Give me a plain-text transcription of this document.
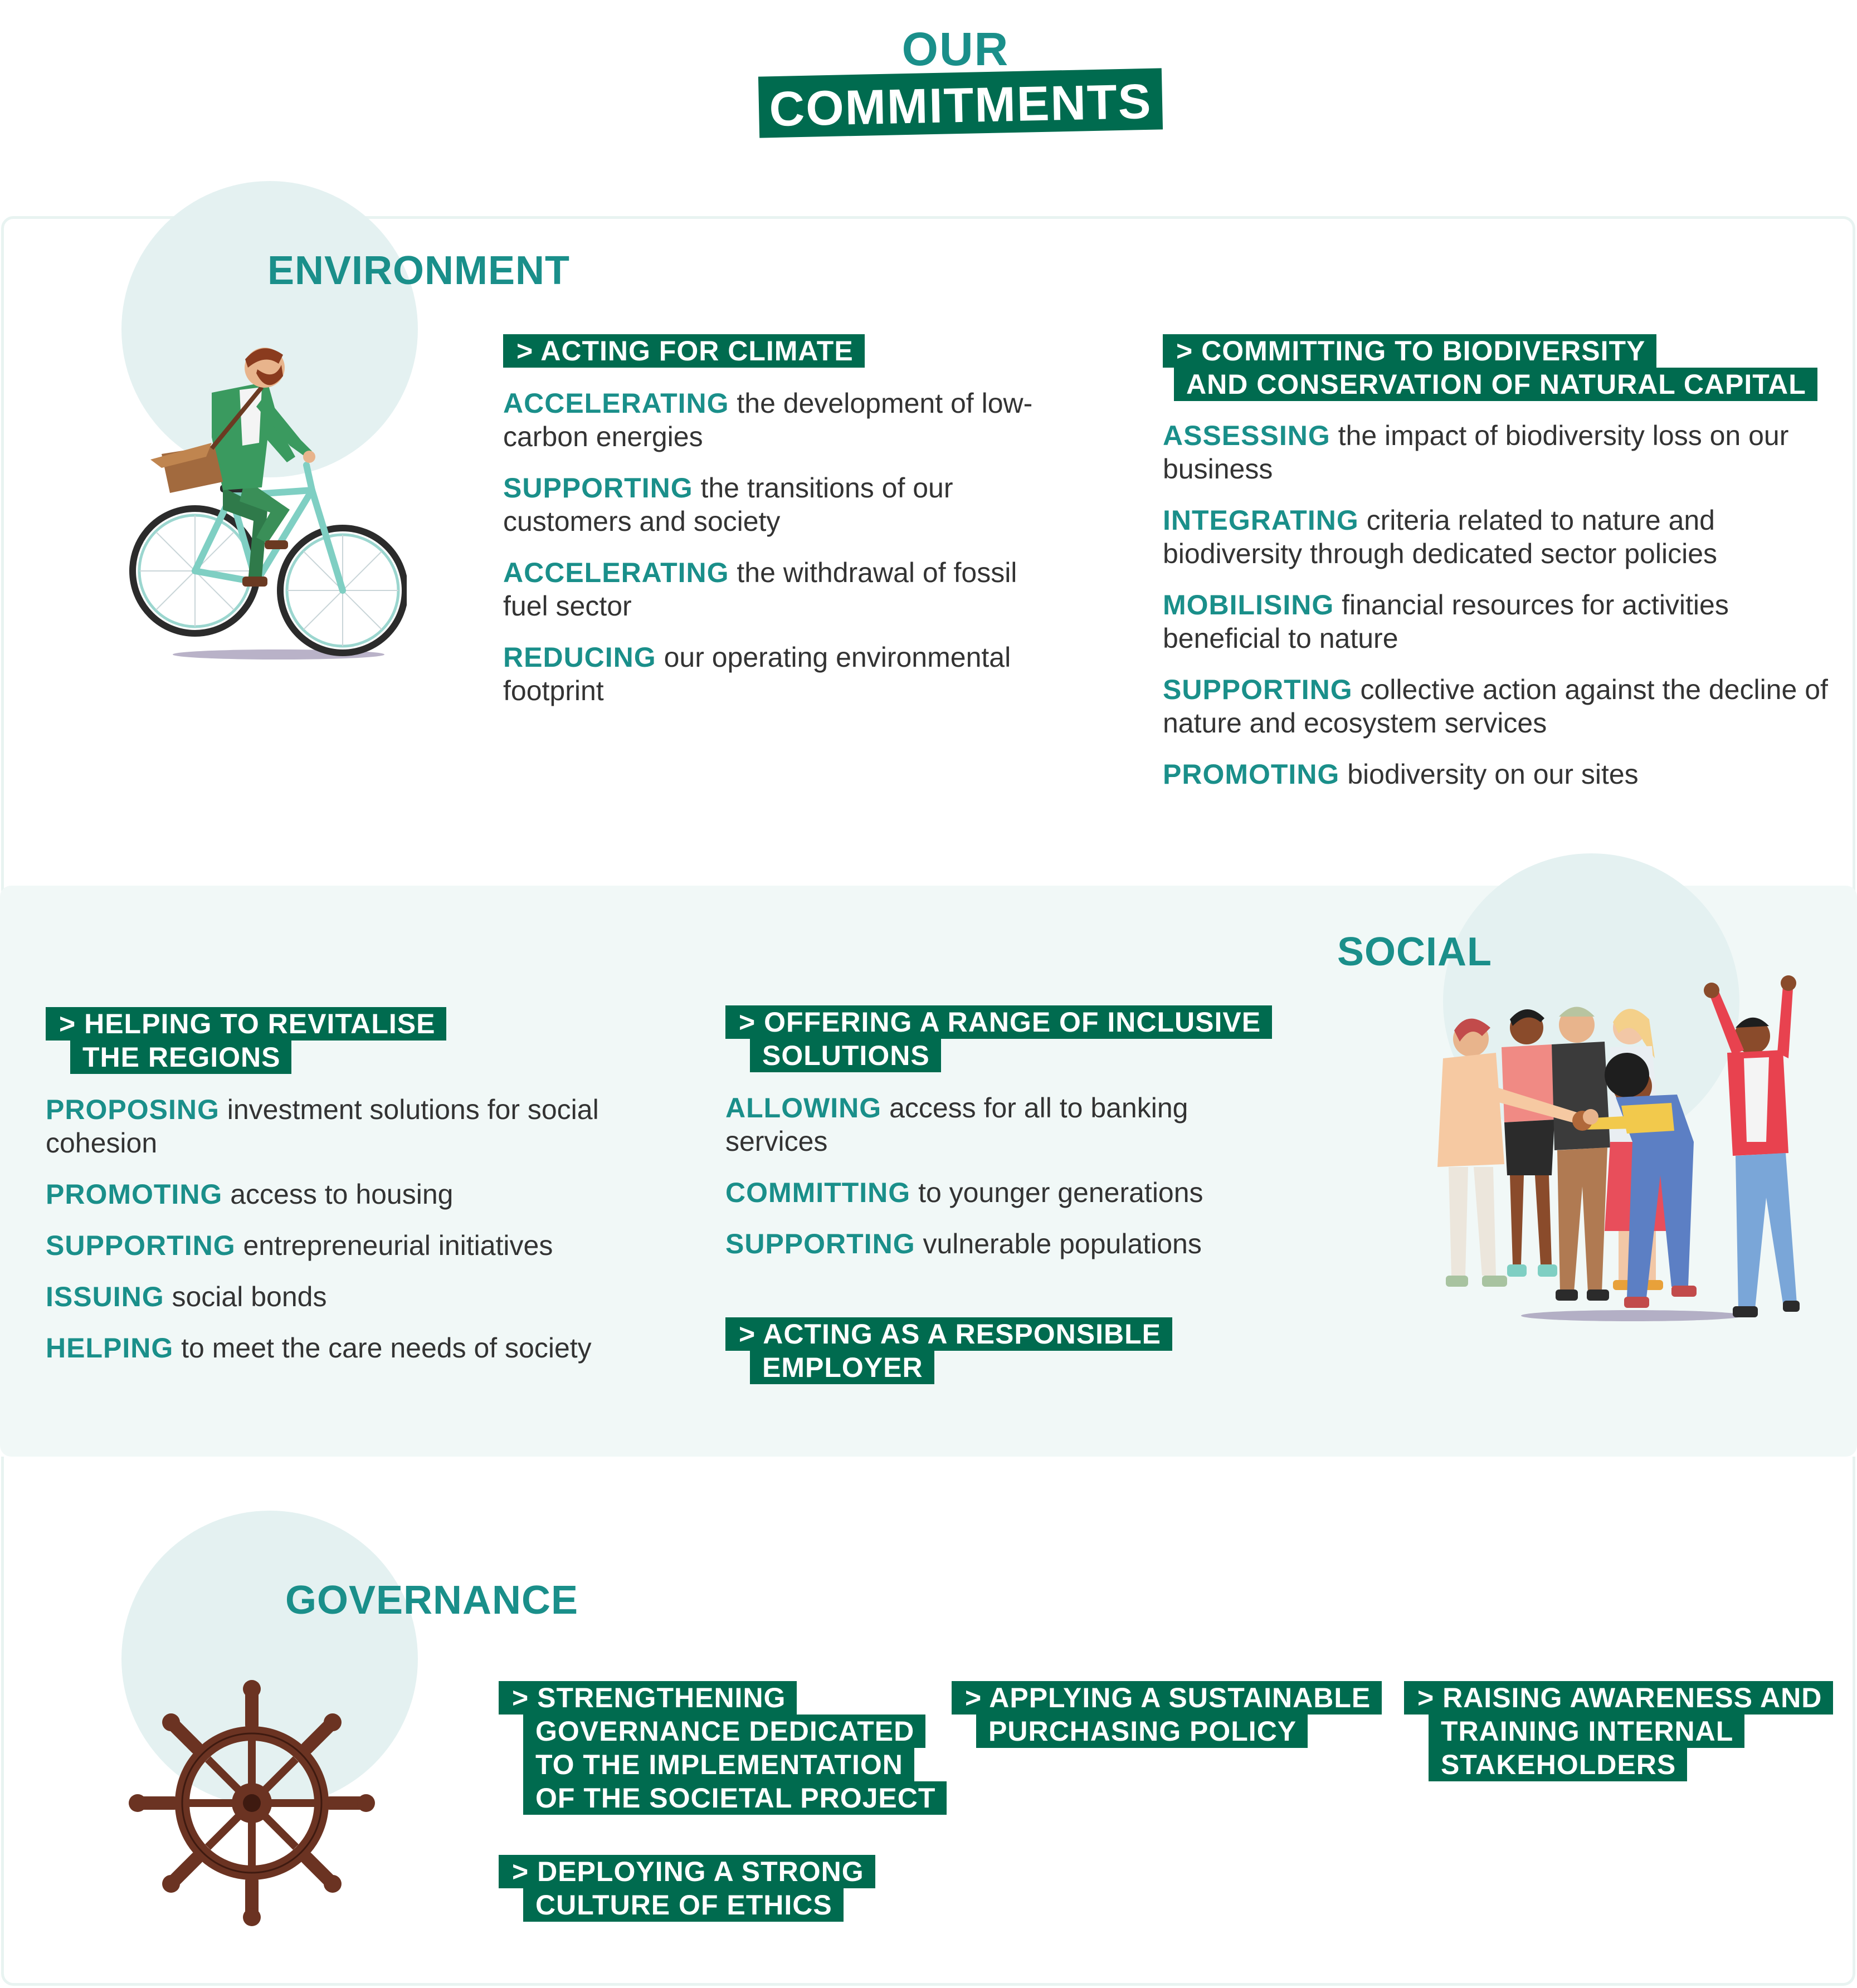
OUR
COMMITMENTS
ENVIRONMENT
> ACTING FOR CLIMATE
ACCELERATING the development of low-carbon energies
SUPPORTING the transitions of our customers and society
ACCELERATING the withdrawal of fossil fuel sector
REDUCING our operating environmental footprint
> COMMITTING TO BIODIVERSITY
AND CONSERVATION OF NATURAL CAPITAL
ASSESSING the impact of biodiversity loss on our business
INTEGRATING criteria related to nature and biodiversity through dedicated sector policies
MOBILISING financial resources for activities beneficial to nature
SUPPORTING collective action against the decline of nature and ecosystem services
PROMOTING biodiversity on our sites
SOCIAL
> HELPING TO REVITALISE
THE REGIONS
PROPOSING investment solutions for social cohesion
PROMOTING access to housing
SUPPORTING entrepreneurial initiatives
ISSUING social bonds
HELPING to meet the care needs of society
> OFFERING A RANGE OF INCLUSIVE
SOLUTIONS
ALLOWING access for all to banking services
COMMITTING to younger generations
SUPPORTING vulnerable populations
> ACTING AS A RESPONSIBLE
EMPLOYER
GOVERNANCE
> STRENGTHENING
GOVERNANCE DEDICATED
TO THE IMPLEMENTATION
OF THE SOCIETAL PROJECT
> DEPLOYING A STRONG
CULTURE OF ETHICS
> APPLYING A SUSTAINABLE
PURCHASING POLICY
> RAISING AWARENESS AND
TRAINING INTERNAL
STAKEHOLDERS
